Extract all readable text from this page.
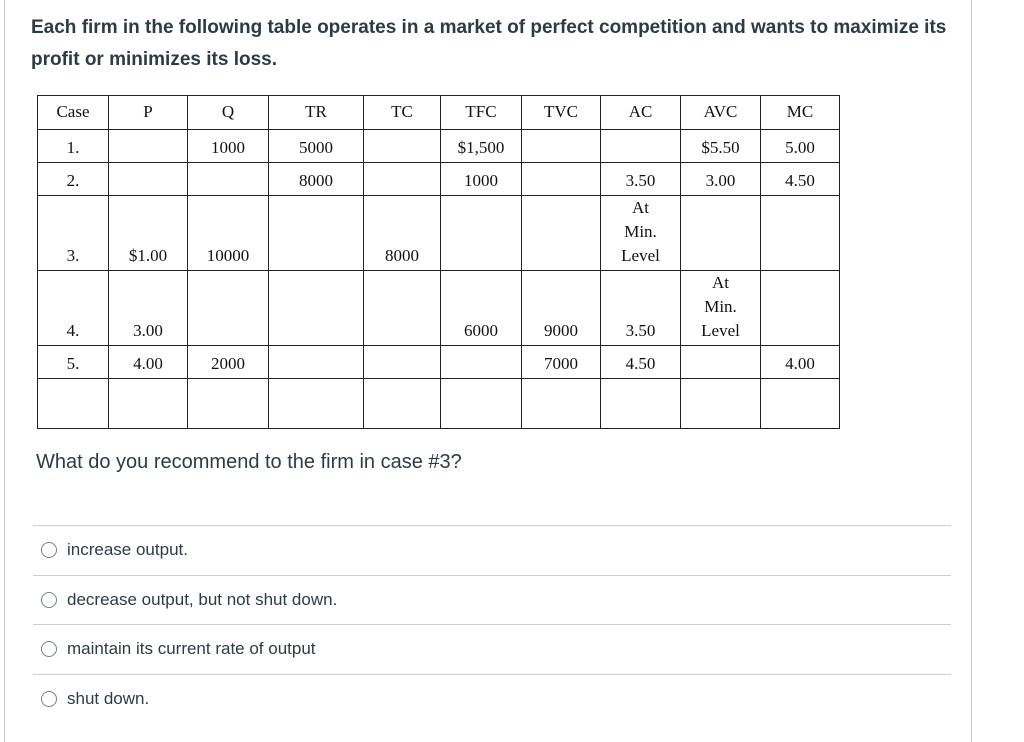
Each firm in the following table operates in a market of perfect competition and wants to maximize its profit or minimizes its loss.
Case	P	Q	TR	TC	TFC	TVC	AC	AVC	MC
1.		1000	5000		$1,500			$5.50	5.00
2.			8000		1000		3.50	3.00	4.50
3.	$1.00	10000		8000			At
Min.
Level		
4.	3.00				6000	9000	3.50	At
Min.
Level	
5.	4.00	2000				7000	4.50		4.00

What do you recommend to the firm in case #3?
increase output.
decrease output, but not shut down.
maintain its current rate of output
shut down.
